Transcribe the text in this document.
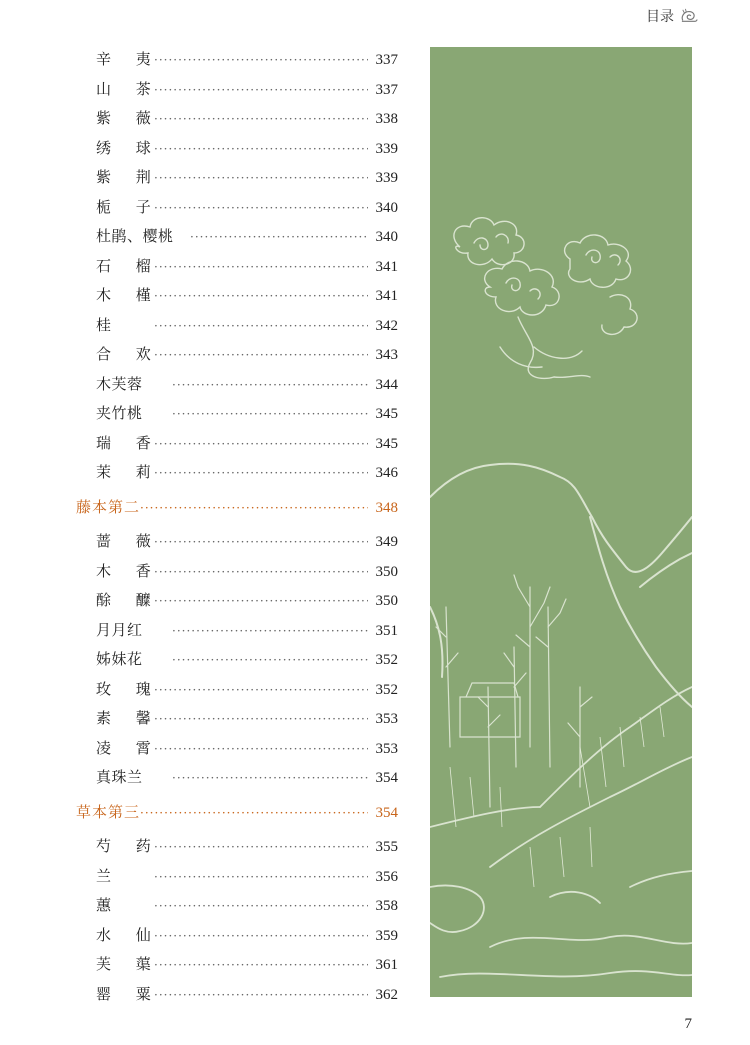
目录
辛 夷 ·····	337
山 茶 ·····	337
紫 薇 ·····	338
绣 球 ·····	339
紫 荆 ·····	339
栀 子 ·····	340
杜鹃、樱桃 ·····	340
石 榴 ·····	341
木 槿 ·····	341
桂 ·····	342
合 欢 ·····	343
木芙蓉 ·····	344
夹竹桃 ·····	345
瑞 香 ·····	345
茉 莉 ·····	346
藤本第二 ·····	348
蔷 薇 ·····	349
木 香 ·····	350
酴 醾 ·····	350
月月红 ·····	351
姊妹花 ·····	352
玫 瑰 ·····	352
素 馨 ·····	353
凌 霄 ·····	353
真珠兰 ·····	354
草本第三 ·····	354
芍 药 ·····	355
兰 ·····	356
蕙 ·····	358
水 仙 ·····	359
芙 蕖 ·····	361
罂 粟 ·····	362
7
